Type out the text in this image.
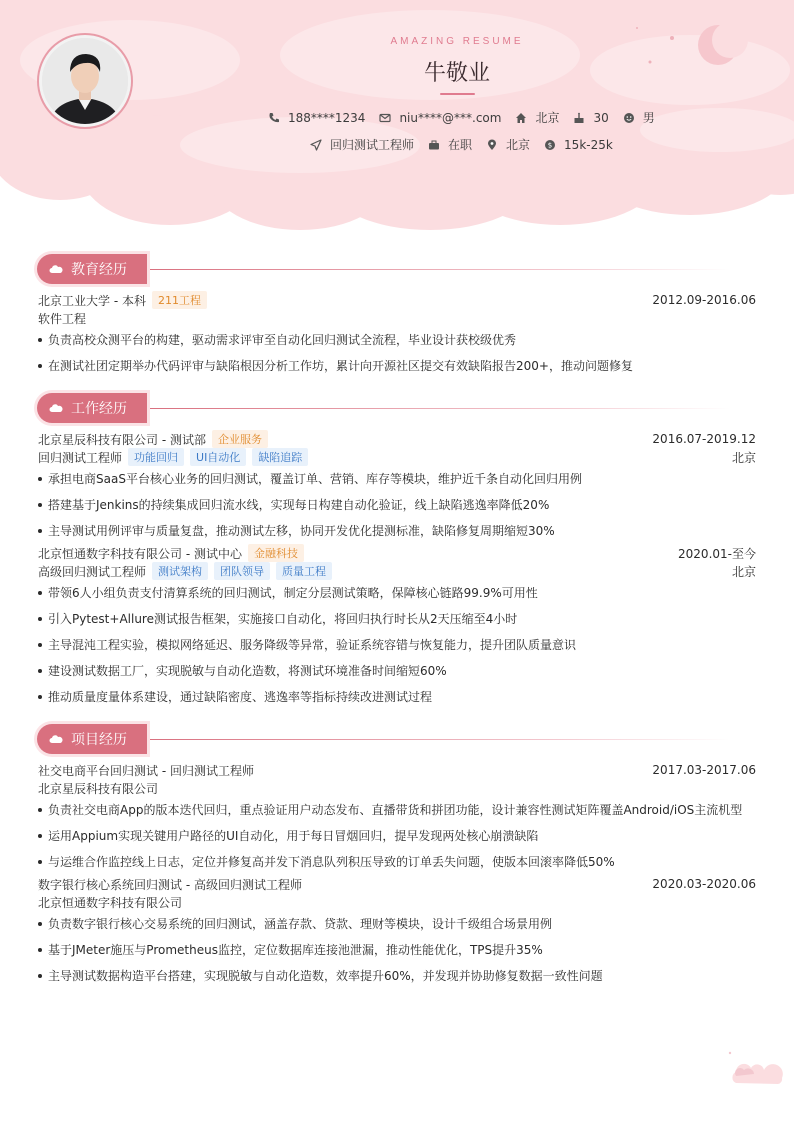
AMAZING RESUME
牛敬业
188****1234	niu****@***.com	北京	30	男
回归测试工程师	在职	北京	$ 15k-25k
教育经历
北京工业大学 - 本科	211工程	2012.09-2016.06
软件工程
负责高校众测平台的构建，驱动需求评审至自动化回归测试全流程，毕业设计获校级优秀
在测试社团定期举办代码评审与缺陷根因分析工作坊，累计向开源社区提交有效缺陷报告200+，推动问题修复
工作经历
北京星辰科技有限公司 - 测试部	企业服务	2016.07-2019.12
回归测试工程师	功能回归	UI自动化	缺陷追踪	北京
承担电商SaaS平台核心业务的回归测试，覆盖订单、营销、库存等模块，维护近千条自动化回归用例
搭建基于Jenkins的持续集成回归流水线，实现每日构建自动化验证，线上缺陷逃逸率降低20%
主导测试用例评审与质量复盘，推动测试左移，协同开发优化提测标准，缺陷修复周期缩短30%
北京恒通数字科技有限公司 - 测试中心	金融科技	2020.01-至今
高级回归测试工程师	测试架构	团队领导	质量工程	北京
带领6人小组负责支付清算系统的回归测试，制定分层测试策略，保障核心链路99.9%可用性
引入Pytest+Allure测试报告框架，实施接口自动化，将回归执行时长从2天压缩至4小时
主导混沌工程实验，模拟网络延迟、服务降级等异常，验证系统容错与恢复能力，提升团队质量意识
建设测试数据工厂，实现脱敏与自动化造数，将测试环境准备时间缩短60%
推动质量度量体系建设，通过缺陷密度、逃逸率等指标持续改进测试过程
项目经历
社交电商平台回归测试 - 回归测试工程师	2017.03-2017.06
北京星辰科技有限公司
负责社交电商App的版本迭代回归，重点验证用户动态发布、直播带货和拼团功能，设计兼容性测试矩阵覆盖Android/iOS主流机型
运用Appium实现关键用户路径的UI自动化，用于每日冒烟回归，提早发现两处核心崩溃缺陷
与运维合作监控线上日志，定位并修复高并发下消息队列积压导致的订单丢失问题，使版本回滚率降低50%
数字银行核心系统回归测试 - 高级回归测试工程师	2020.03-2020.06
北京恒通数字科技有限公司
负责数字银行核心交易系统的回归测试，涵盖存款、贷款、理财等模块，设计千级组合场景用例
基于JMeter施压与Prometheus监控，定位数据库连接池泄漏，推动性能优化，TPS提升35%
主导测试数据构造平台搭建，实现脱敏与自动化造数，效率提升60%，并发现并协助修复数据一致性问题
